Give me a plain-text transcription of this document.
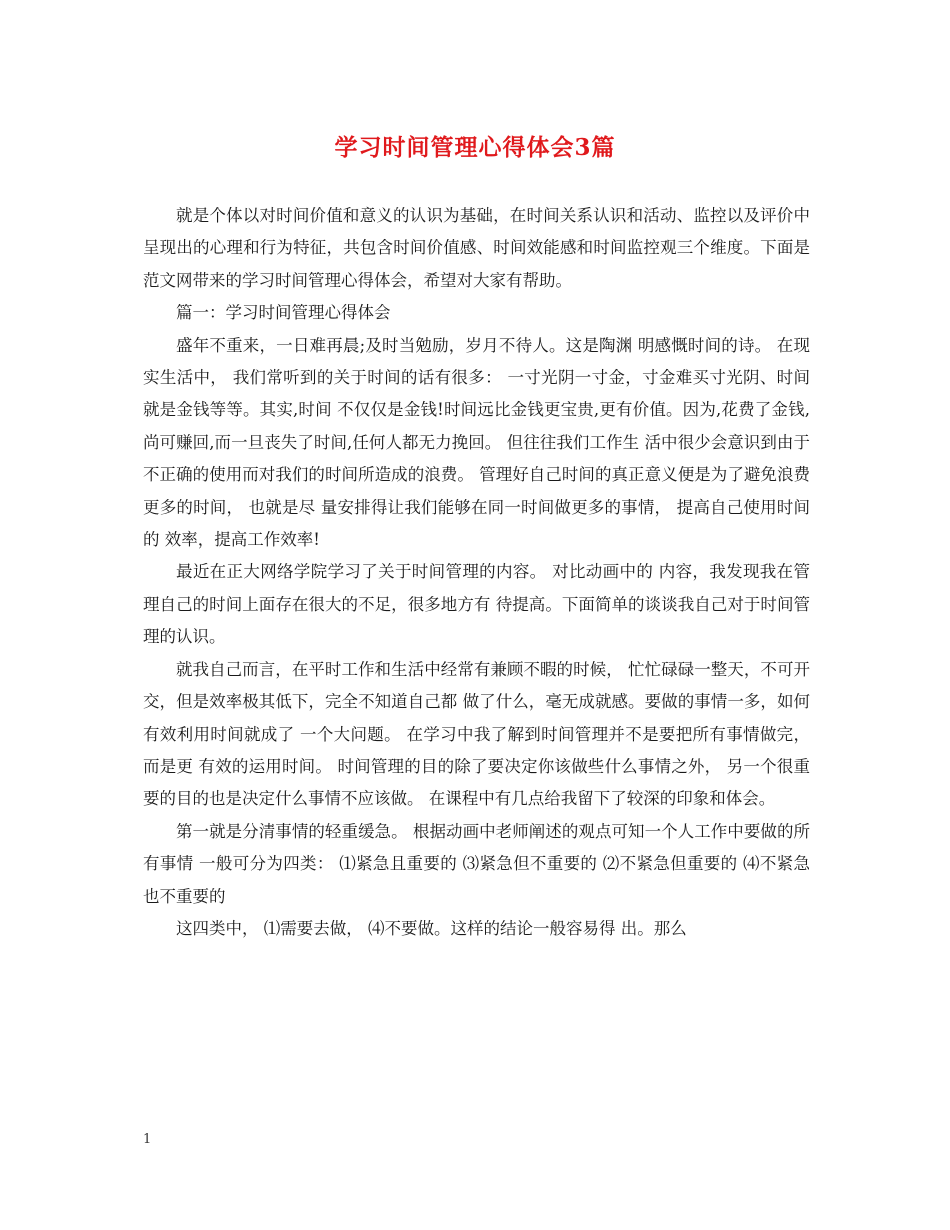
学习时间管理心得体会3篇

就是个体以对时间价值和意义的认识为基础，在时间关系认识和活动、监控以及评价中呈现出的心理和行为特征，共包含时间价值感、时间效能感和时间监控观三个维度。下面是范文网带来的学习时间管理心得体会，希望对大家有帮助。

篇一：学习时间管理心得体会

盛年不重来，一日难再晨;及时当勉励，岁月不待人。这是陶渊 明感慨时间的诗。 在现实生活中， 我们常听到的关于时间的话有很多： 一寸光阴一寸金，寸金难买寸光阴、时间就是金钱等等。其实,时间 不仅仅是金钱!时间远比金钱更宝贵,更有价值。因为,花费了金钱, 尚可赚回,而一旦丧失了时间,任何人都无力挽回。 但往往我们工作生 活中很少会意识到由于不正确的使用而对我们的时间所造成的浪费。 管理好自己时间的真正意义便是为了避免浪费更多的时间， 也就是尽 量安排得让我们能够在同一时间做更多的事情， 提高自己使用时间的 效率，提高工作效率!

最近在正大网络学院学习了关于时间管理的内容。 对比动画中的 内容，我发现我在管理自己的时间上面存在很大的不足，很多地方有 待提高。下面简单的谈谈我自己对于时间管理的认识。

就我自己而言，在平时工作和生活中经常有兼顾不暇的时候， 忙忙碌碌一整天，不可开交，但是效率极其低下，完全不知道自己都 做了什么，毫无成就感。要做的事情一多，如何有效利用时间就成了 一个大问题。 在学习中我了解到时间管理并不是要把所有事情做完，而是更 有效的运用时间。 时间管理的目的除了要决定你该做些什么事情之外， 另一个很重要的目的也是决定什么事情不应该做。 在课程中有几点给我留下了较深的印象和体会。

第一就是分清事情的轻重缓急。 根据动画中老师阐述的观点可知一个人工作中要做的所有事情 一般可分为四类： ⑴紧急且重要的 ⑶紧急但不重要的 ⑵不紧急但重要的 ⑷不紧急也不重要的

这四类中， ⑴需要去做， ⑷不要做。这样的结论一般容易得 出。那么

1
